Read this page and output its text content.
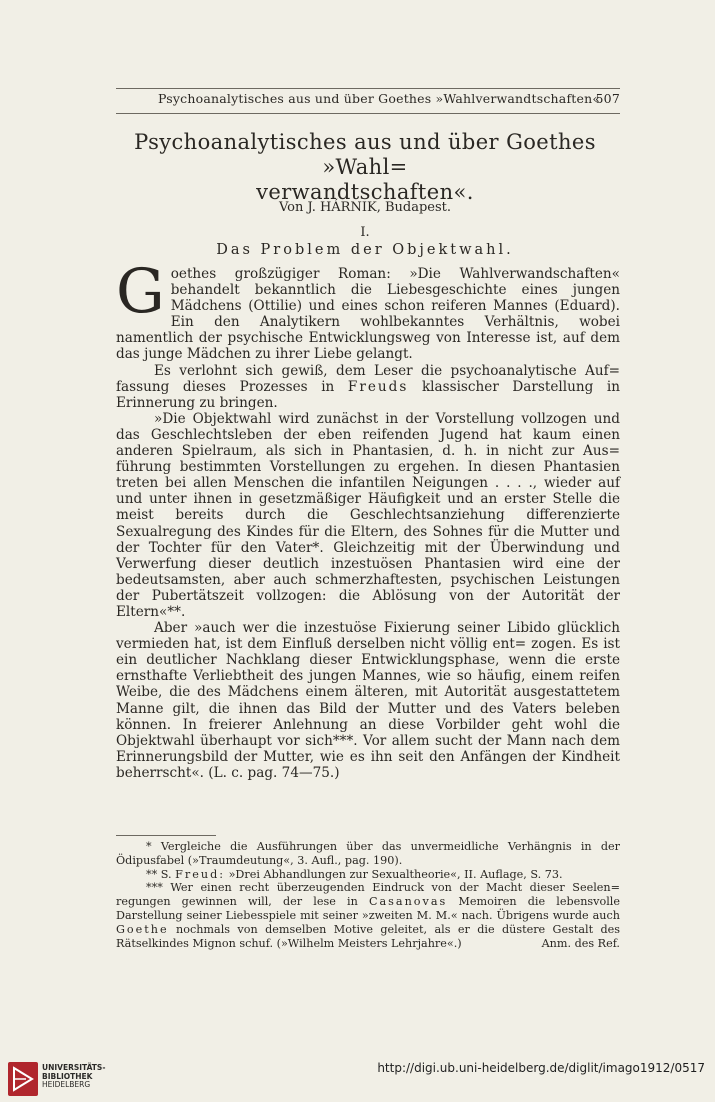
Psychoanalytisches aus und über Goethes »Wahlverwandtschaften«
507
Psychoanalytisches aus und über Goethes »Wahl=
verwandtschaften«.
Von J. HÁRNIK, Budapest.
I.
Das Problem der Objektwahl.

Goethes großzügiger Roman: »Die Wahlverwandschaften« behandelt bekanntlich die Liebesgeschichte eines jungen Mädchens (Ottilie) und eines schon reiferen Mannes (Eduard). Ein den Analytikern wohlbekanntes Verhältnis, wobei namentlich der psychische Entwicklungsweg von Interesse ist, auf dem das junge Mädchen zu ihrer Liebe gelangt.

Es verlohnt sich gewiß, dem Leser die psychoanalytische Auf= fassung dieses Prozesses in Freuds klassischer Darstellung in Erinnerung zu bringen.

»Die Objektwahl wird zunächst in der Vorstellung vollzogen und das Geschlechtsleben der eben reifenden Jugend hat kaum einen anderen Spielraum, als sich in Phantasien, d. h. in nicht zur Aus= führung bestimmten Vorstellungen zu ergehen. In diesen Phantasien treten bei allen Menschen die infantilen Neigungen . . . ., wieder auf und unter ihnen in gesetzmäßiger Häufigkeit und an erster Stelle die meist bereits durch die Geschlechtsanziehung differenzierte Sexualregung des Kindes für die Eltern, des Sohnes für die Mutter und der Tochter für den Vater*. Gleichzeitig mit der Überwindung und Verwerfung dieser deutlich inzestuösen Phantasien wird eine der bedeutsamsten, aber auch schmerzhaftesten, psychischen Leistungen der Pubertätszeit vollzogen: die Ablösung von der Autorität der Eltern«**.

Aber »auch wer die inzestuöse Fixierung seiner Libido glücklich vermieden hat, ist dem Einfluß derselben nicht völlig ent= zogen. Es ist ein deutlicher Nachklang dieser Entwicklungsphase, wenn die erste ernsthafte Verliebtheit des jungen Mannes, wie so häufig, einem reifen Weibe, die des Mädchens einem älteren, mit Autorität ausgestattetem Manne gilt, die ihnen das Bild der Mutter und des Vaters beleben können. In freierer Anlehnung an diese Vorbilder geht wohl die Objektwahl überhaupt vor sich***. Vor allem sucht der Mann nach dem Erinnerungsbild der Mutter, wie es ihn seit den Anfängen der Kindheit beherrscht«. (L. c. pag. 74—75.)

* Vergleiche die Ausführungen über das unvermeidliche Verhängnis in der Ödipusfabel (»Traumdeutung«, 3. Aufl., pag. 190).

** S. Freud: »Drei Abhandlungen zur Sexualtheorie«, II. Auflage, S. 73.

*** Wer einen recht überzeugenden Eindruck von der Macht dieser Seelen= regungen gewinnen will, der lese in Casanovas Memoiren die lebensvolle Darstellung seiner Liebesspiele mit seiner »zweiten M. M.« nach. Übrigens wurde auch Goethe nochmals von demselben Motive geleitet, als er die düstere Gestalt des Rätselkindes Mignon schuf. (»Wilhelm Meisters Lehrjahre«.)	Anm. des Ref.

UNIVERSITÄTS-
BIBLIOTHEK
HEIDELBERG
http://digi.ub.uni-heidelberg.de/diglit/imago1912/0517
